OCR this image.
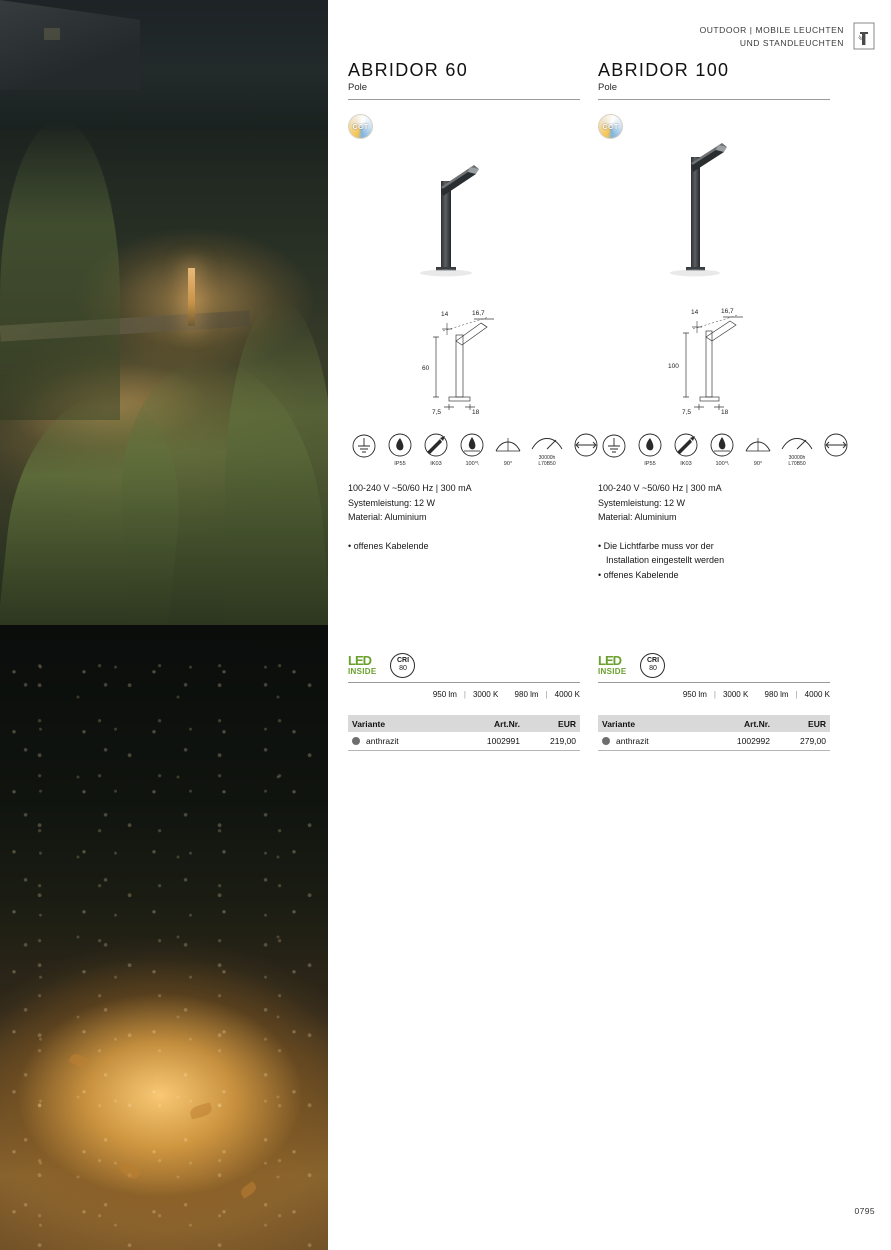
OUTDOOR | MOBILE LEUCHTEN
UND STANDLEUCHTEN
ABRIDOR 60
Pole
CCT
14	16,7
60
7,5	18
IP55	IK03	100°\	90°
30000h
L70B50
100-240 V ~50/60 Hz | 300 mA
Systemleistung: 12 W
Material: Aluminium
• offenes Kabelende
LED
INSIDE
CRI
80
950 lm | 3000 K
980 lm | 4000 K
Variante	Art.Nr.	EUR
anthrazit	1002991	219,00
ABRIDOR 100
Pole
CCT
14	16,7
100
7,5	18
IP55	IK03	100°\	90°
30000h
L70B50
100-240 V ~50/60 Hz | 300 mA
Systemleistung: 12 W
Material: Aluminium
• Die Lichtfarbe muss vor der
Installation eingestellt werden
• offenes Kabelende
LED
INSIDE
CRI
80
950 lm | 3000 K
980 lm | 4000 K
Variante	Art.Nr.	EUR
anthrazit	1002992	279,00
0795
